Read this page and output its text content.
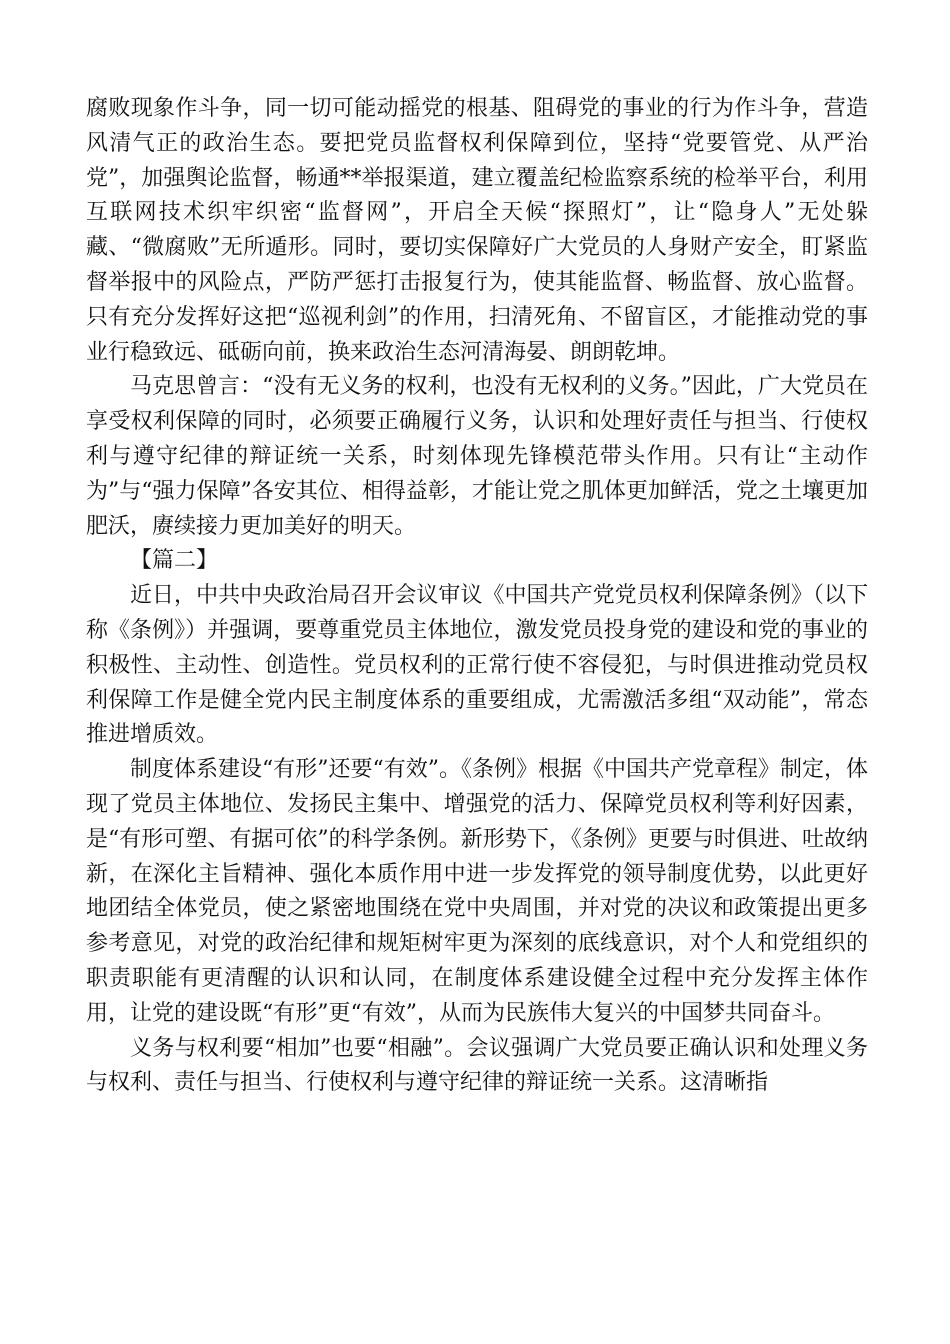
腐败现象作斗争，同一切可能动摇党的根基、阻碍党的事业的行为作斗争，营造风清气正的政治生态。要把党员监督权利保障到位，坚持“党要管党、从严治党”，加强舆论监督，畅通**举报渠道，建立覆盖纪检监察系统的检举平台，利用互联网技术织牢织密“监督网”，开启全天候“探照灯”，让“隐身人”无处躲藏、“微腐败”无所遁形。同时，要切实保障好广大党员的人身财产安全，盯紧监督举报中的风险点，严防严惩打击报复行为，使其能监督、畅监督、放心监督。只有充分发挥好这把“巡视利剑”的作用，扫清死角、不留盲区，才能推动党的事业行稳致远、砥砺向前，换来政治生态河清海晏、朗朗乾坤。

马克思曾言：“没有无义务的权利，也没有无权利的义务。”因此，广大党员在享受权利保障的同时，必须要正确履行义务，认识和处理好责任与担当、行使权利与遵守纪律的辩证统一关系，时刻体现先锋模范带头作用。只有让“主动作为”与“强力保障”各安其位、相得益彰，才能让党之肌体更加鲜活，党之土壤更加肥沃，赓续接力更加美好的明天。

【篇二】

近日，中共中央政治局召开会议审议《中国共产党党员权利保障条例》（以下称《条例》）并强调，要尊重党员主体地位，激发党员投身党的建设和党的事业的积极性、主动性、创造性。党员权利的正常行使不容侵犯，与时俱进推动党员权利保障工作是健全党内民主制度体系的重要组成，尤需激活多组“双动能”，常态推进增质效。

制度体系建设“有形”还要“有效”。《条例》根据《中国共产党章程》制定，体现了党员主体地位、发扬民主集中、增强党的活力、保障党员权利等利好因素，是“有形可塑、有据可依”的科学条例。新形势下，《条例》更要与时俱进、吐故纳新，在深化主旨精神、强化本质作用中进一步发挥党的领导制度优势，以此更好地团结全体党员，使之紧密地围绕在党中央周围，并对党的决议和政策提出更多参考意见，对党的政治纪律和规矩树牢更为深刻的底线意识，对个人和党组织的职责职能有更清醒的认识和认同，在制度体系建设健全过程中充分发挥主体作用，让党的建设既“有形”更“有效”，从而为民族伟大复兴的中国梦共同奋斗。

义务与权利要“相加”也要“相融”。会议强调广大党员要正确认识和处理义务与权利、责任与担当、行使权利与遵守纪律的辩证统一关系。这清晰指
